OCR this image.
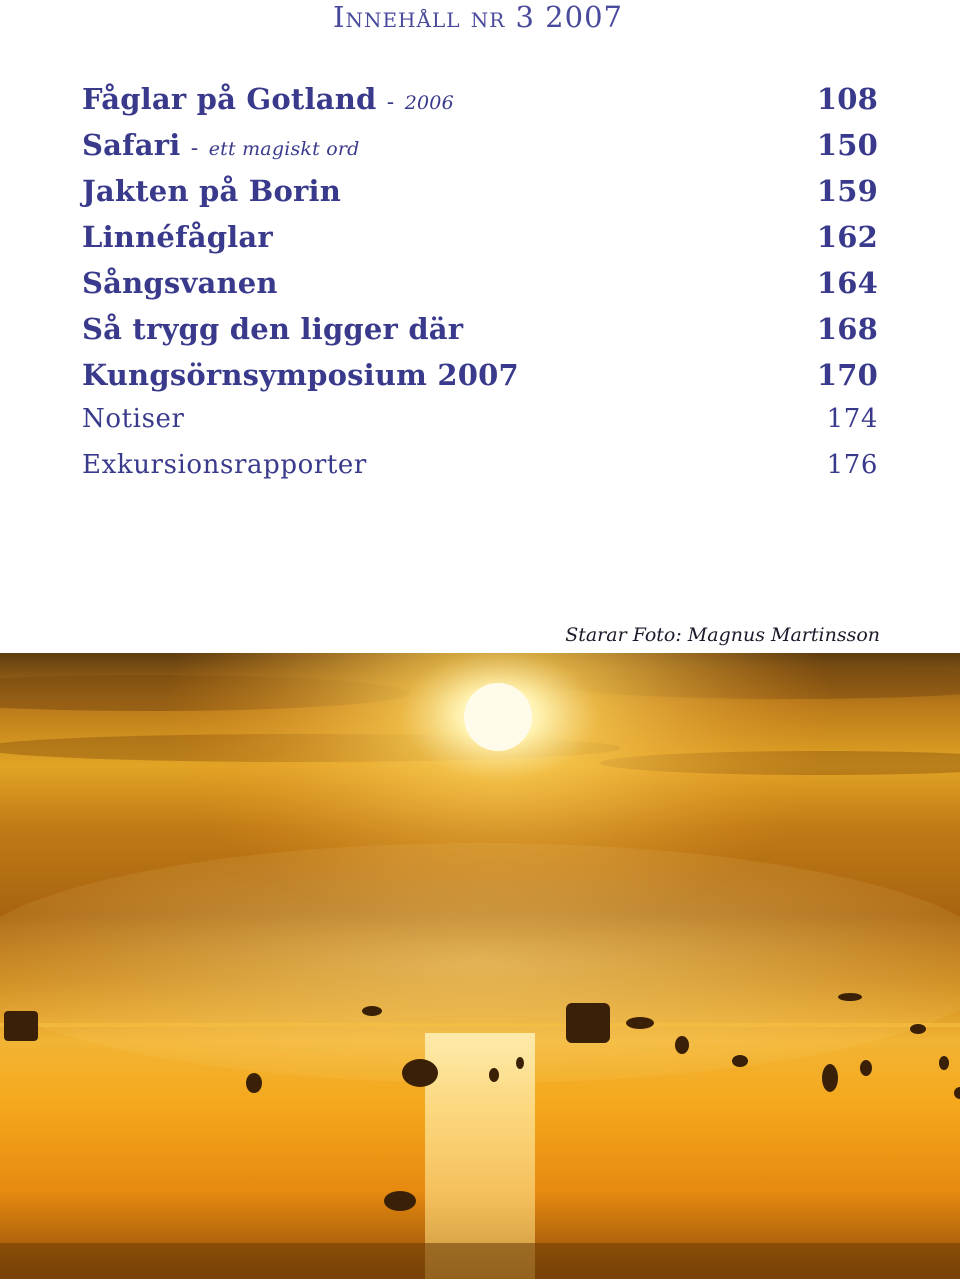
Innehåll nr 3 2007
Fåglar på Gotland - 2006	108
Safari - ett magiskt ord	150
Jakten på Borin	159
Linnéfåglar	162
Sångsvanen	164
Så trygg den ligger där	168
Kungsörnsymposium 2007	170
Notiser	174
Exkursionsrapporter	176
Starar Foto: Magnus Martinsson
